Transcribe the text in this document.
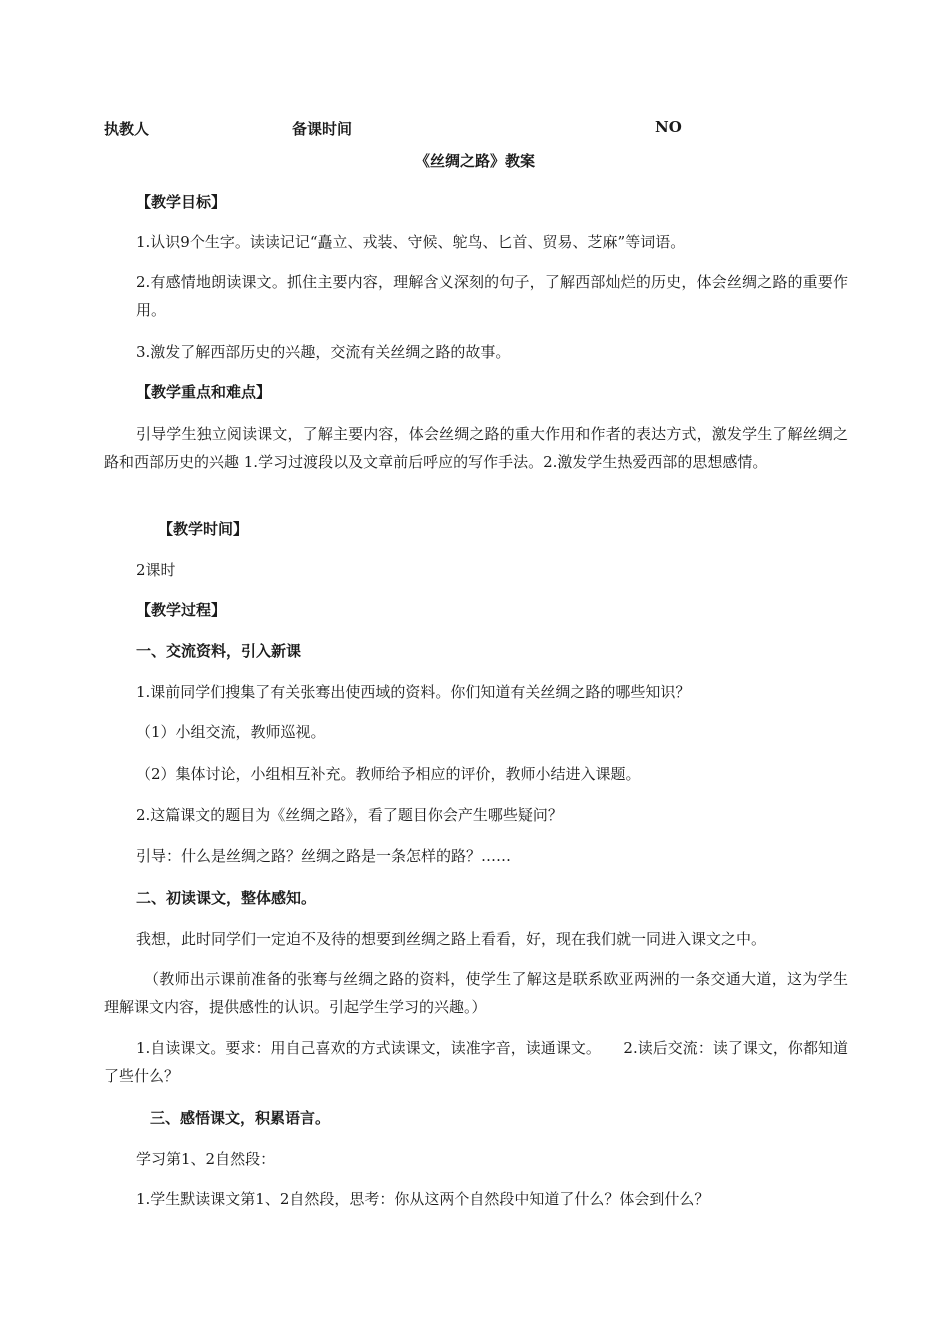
执教人	备课时间	NO
《丝绸之路》教案
【教学目标】
1.认识9个生字。读读记记“矗立、戎装、守候、鸵鸟、匕首、贸易、芝麻”等词语。
2.有感情地朗读课文。抓住主要内容，理解含义深刻的句子，了解西部灿烂的历史，体会丝绸之路的重要作用。
3.激发了解西部历史的兴趣，交流有关丝绸之路的故事。
【教学重点和难点】
引导学生独立阅读课文，了解主要内容，体会丝绸之路的重大作用和作者的表达方式，激发学生了解丝绸之路和西部历史的兴趣 1.学习过渡段以及文章前后呼应的写作手法。2.激发学生热爱西部的思想感情。
【教学时间】
2课时
【教学过程】
一、交流资料，引入新课
1.课前同学们搜集了有关张骞出使西域的资料。你们知道有关丝绸之路的哪些知识？
（1）小组交流，教师巡视。
（2）集体讨论，小组相互补充。教师给予相应的评价，教师小结进入课题。
2.这篇课文的题目为《丝绸之路》，看了题目你会产生哪些疑问？
引导：什么是丝绸之路？丝绸之路是一条怎样的路？……
二、初读课文，整体感知。
我想，此时同学们一定迫不及待的想要到丝绸之路上看看，好，现在我们就一同进入课文之中。
（教师出示课前准备的张骞与丝绸之路的资料，使学生了解这是联系欧亚两洲的一条交通大道，这为学生理解课文内容，提供感性的认识。引起学生学习的兴趣。）
1.自读课文。要求：用自己喜欢的方式读课文，读准字音，读通课文。　　2.读后交流：读了课文，你都知道了些什么？
三、感悟课文，积累语言。
学习第1、2自然段：
1.学生默读课文第1、2自然段，思考：你从这两个自然段中知道了什么？体会到什么？
